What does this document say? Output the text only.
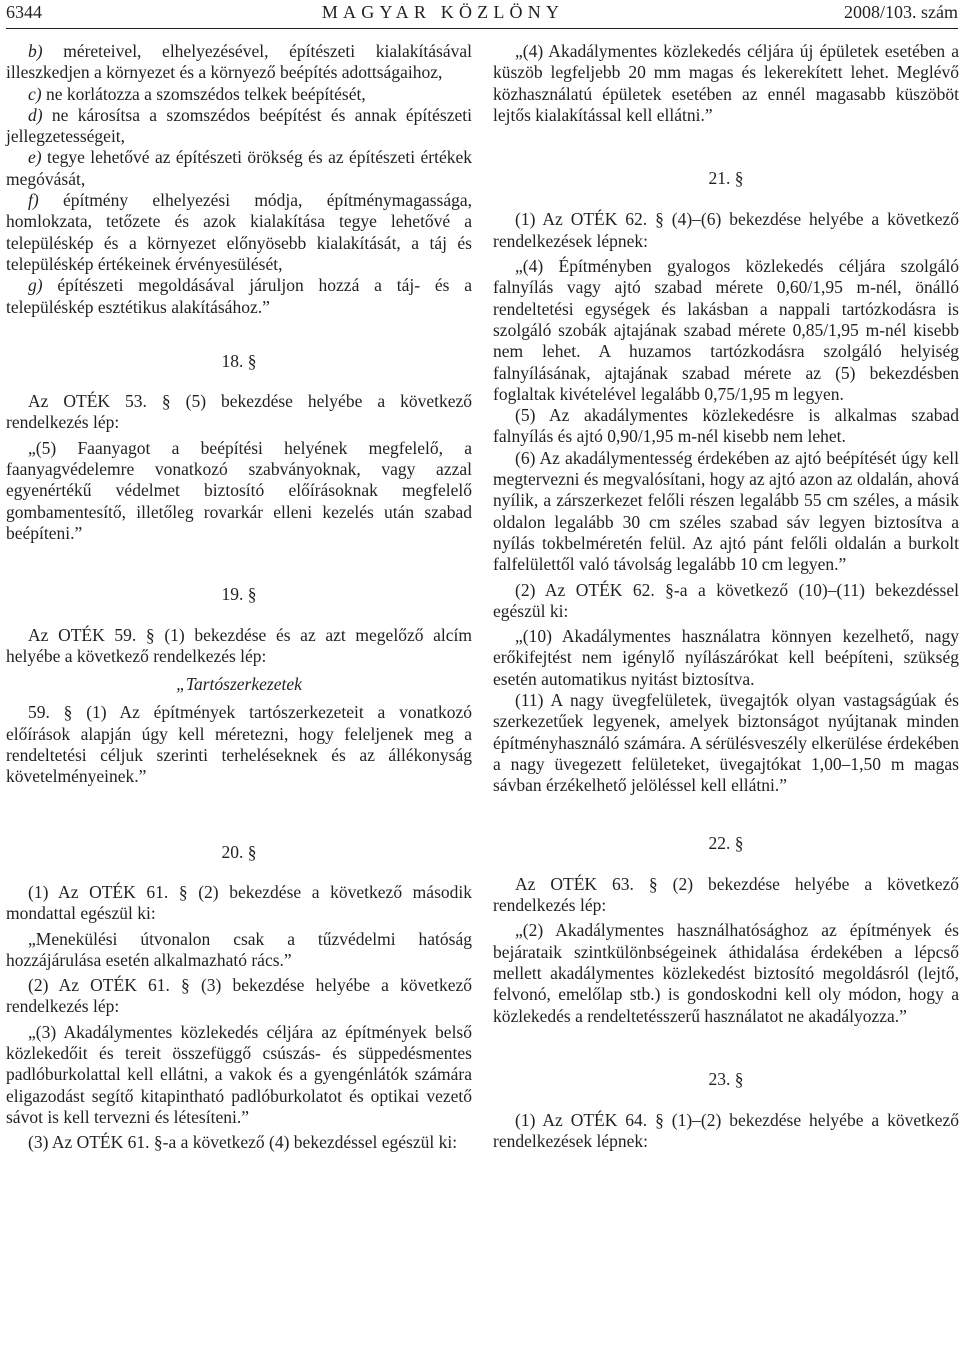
6344	MAGYAR KÖZLÖNY	2008/103. szám

b) méreteivel, elhelyezésével, építészeti kialakításával illeszkedjen a környezet és a környező beépítés adottságaihoz,

c) ne korlátozza a szomszédos telkek beépítését,

d) ne károsítsa a szomszédos beépítést és annak építészeti jellegzetességeit,

e) tegye lehetővé az építészeti örökség és az építészeti értékek megóvását,

f) építmény elhelyezési módja, építménymagassága, homlokzata, tetőzete és azok kialakítása tegye lehetővé a településkép és a környezet előnyösebb kialakítását, a táj és településkép értékeinek érvényesülését,

g) építészeti megoldásával járuljon hozzá a táj- és a településkép esztétikus alakításához.”

18. §

Az OTÉK 53. § (5) bekezdése helyébe a következő rendelkezés lép:

„(5) Faanyagot a beépítési helyének megfelelő, a faanyagvédelemre vonatkozó szabványoknak, vagy azzal egyenértékű védelmet biztosító előírásoknak megfelelő gombamentesítő, illetőleg rovarkár elleni kezelés után szabad beépíteni.”

19. §

Az OTÉK 59. § (1) bekezdése és az azt megelőző alcím helyébe a következő rendelkezés lép:

„Tartószerkezetek

59. § (1) Az építmények tartószerkezeteit a vonatkozó előírások alapján úgy kell méretezni, hogy feleljenek meg a rendeltetési céljuk szerinti terheléseknek és az állékonyság követelményeinek.”

20. §

(1) Az OTÉK 61. § (2) bekezdése a következő második mondattal egészül ki:

„Menekülési útvonalon csak a tűzvédelmi hatóság hozzájárulása esetén alkalmazható rács.”

(2) Az OTÉK 61. § (3) bekezdése helyébe a következő rendelkezés lép:

„(3) Akadálymentes közlekedés céljára az építmények belső közlekedőit és tereit összefüggő csúszás- és süppedésmentes padlóburkolattal kell ellátni, a vakok és a gyengénlátók számára eligazodást segítő kitapintható padlóburkolatot és optikai vezető sávot is kell tervezni és létesíteni.”

(3) Az OTÉK 61. §-a a következő (4) bekezdéssel egészül ki:

„(4) Akadálymentes közlekedés céljára új épületek esetében a küszöb legfeljebb 20 mm magas és lekerekített lehet. Meglévő közhasználatú épületek esetében az ennél magasabb küszöböt lejtős kialakítással kell ellátni.”

21. §

(1) Az OTÉK 62. § (4)–(6) bekezdése helyébe a következő rendelkezések lépnek:

„(4) Építményben gyalogos közlekedés céljára szolgáló falnyílás vagy ajtó szabad mérete 0,60/1,95 m-nél, önálló rendeltetési egységek és lakásban a nappali tartózkodásra is szolgáló szobák ajtajának szabad mérete 0,85/1,95 m-nél kisebb nem lehet. A huzamos tartózkodásra szolgáló helyiség falnyílásának, ajtajának szabad mérete az (5) bekezdésben foglaltak kivételével legalább 0,75/1,95 m legyen.

(5) Az akadálymentes közlekedésre is alkalmas szabad falnyílás és ajtó 0,90/1,95 m-nél kisebb nem lehet.

(6) Az akadálymentesség érdekében az ajtó beépítését úgy kell megtervezni és megvalósítani, hogy az ajtó azon az oldalán, ahová nyílik, a zárszerkezet felőli részen legalább 55 cm széles, a másik oldalon legalább 30 cm széles szabad sáv legyen biztosítva a nyílás tokbelméretén felül. Az ajtó pánt felőli oldalán a burkolt falfelülettől való távolság legalább 10 cm legyen.”

(2) Az OTÉK 62. §-a a következő (10)–(11) bekezdéssel egészül ki:

„(10) Akadálymentes használatra könnyen kezelhető, nagy erőkifejtést nem igénylő nyílászárókat kell beépíteni, szükség esetén automatikus nyitást biztosítva.

(11) A nagy üvegfelületek, üvegajtók olyan vastagságúak és szerkezetűek legyenek, amelyek biztonságot nyújtanak minden építményhasználó számára. A sérülésveszély elkerülése érdekében a nagy üvegezett felületeket, üvegajtókat 1,00–1,50 m magas sávban érzékelhető jelöléssel kell ellátni.”

22. §

Az OTÉK 63. § (2) bekezdése helyébe a következő rendelkezés lép:

„(2) Akadálymentes használhatósághoz az építmények és bejárataik szintkülönbségeinek áthidalása érdekében a lépcső mellett akadálymentes közlekedést biztosító megoldásról (lejtő, felvonó, emelőlap stb.) is gondoskodni kell oly módon, hogy a közlekedés a rendeltetésszerű használatot ne akadályozza.”

23. §

(1) Az OTÉK 64. § (1)–(2) bekezdése helyébe a következő rendelkezések lépnek:
